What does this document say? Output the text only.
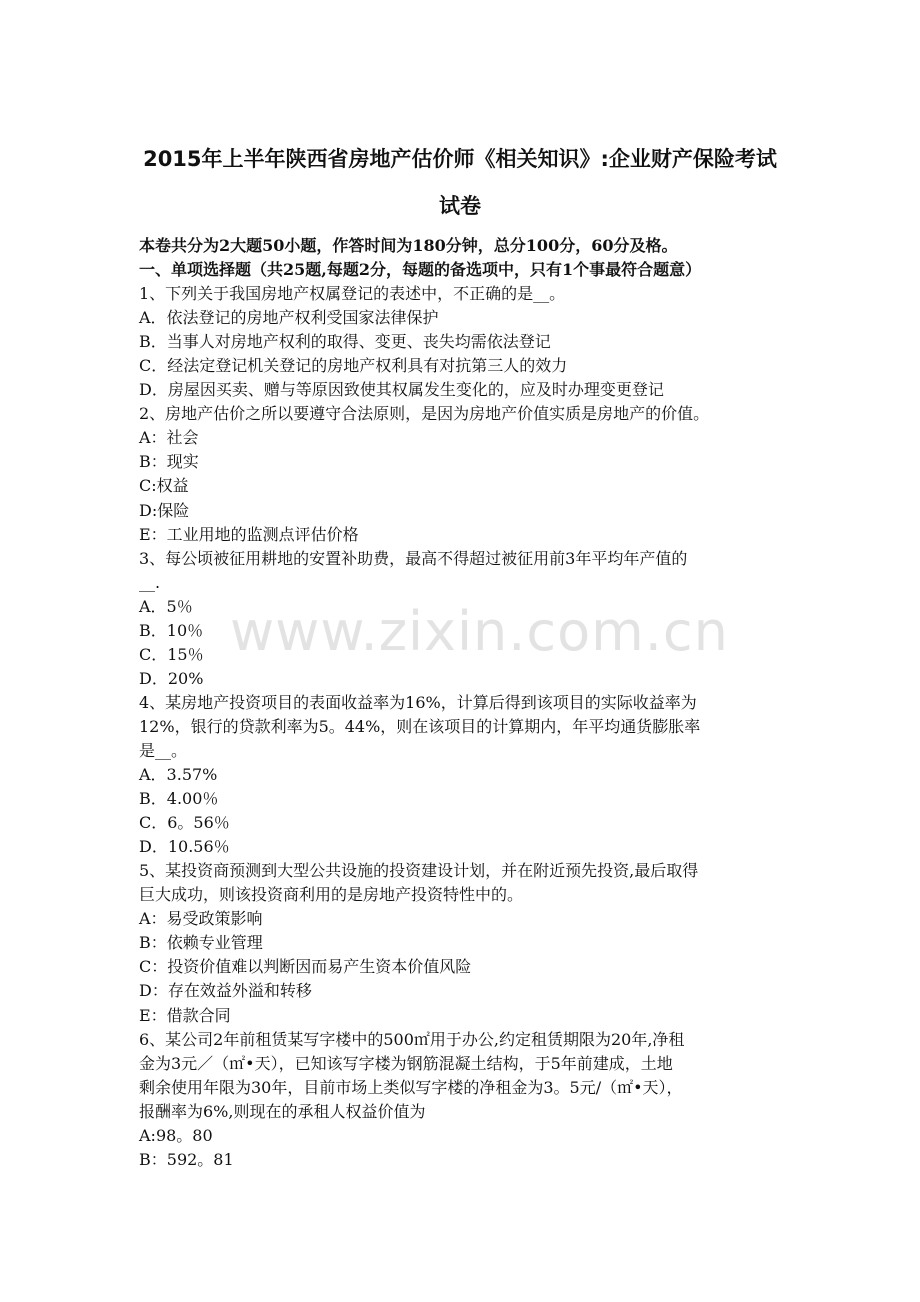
www.zixin.com.cn
2015年上半年陕西省房地产估价师《相关知识》:企业财产保险考试
试卷
本卷共分为2大题50小题，作答时间为180分钟，总分100分，60分及格。
一、单项选择题（共25题,每题2分，每题的备选项中，只有1个事最符合题意）
1、下列关于我国房地产权属登记的表述中，不正确的是__。
A．依法登记的房地产权利受国家法律保护
B．当事人对房地产权利的取得、变更、丧失均需依法登记
C．经法定登记机关登记的房地产权利具有对抗第三人的效力
D．房屋因买卖、赠与等原因致使其权属发生变化的，应及时办理变更登记
2、房地产估价之所以要遵守合法原则，是因为房地产价值实质是房地产的价值。
A：社会
B：现实
C:权益
D:保险
E：工业用地的监测点评估价格
3、每公顷被征用耕地的安置补助费，最高不得超过被征用前3年平均年产值的
__.
A．5％
B．10％
C．15％
D．20%
4、某房地产投资项目的表面收益率为16%，计算后得到该项目的实际收益率为
12%，银行的贷款利率为5。44%，则在该项目的计算期内，年平均通货膨胀率
是__。
A．3.57%
B．4.00％
C．6。56％
D．10.56％
5、某投资商预测到大型公共设施的投资建设计划，并在附近预先投资,最后取得
巨大成功，则该投资商利用的是房地产投资特性中的。
A：易受政策影响
B：依赖专业管理
C：投资价值难以判断因而易产生资本价值风险
D：存在效益外溢和转移
E：借款合同
6、某公司2年前租赁某写字楼中的500㎡用于办公,约定租赁期限为20年,净租
金为3元／（㎡•天），已知该写字楼为钢筋混凝土结构，于5年前建成，土地
剩余使用年限为30年，目前市场上类似写字楼的净租金为3。5元/（㎡•天），
报酬率为6%,则现在的承租人权益价值为
A:98。80
B：592。81
